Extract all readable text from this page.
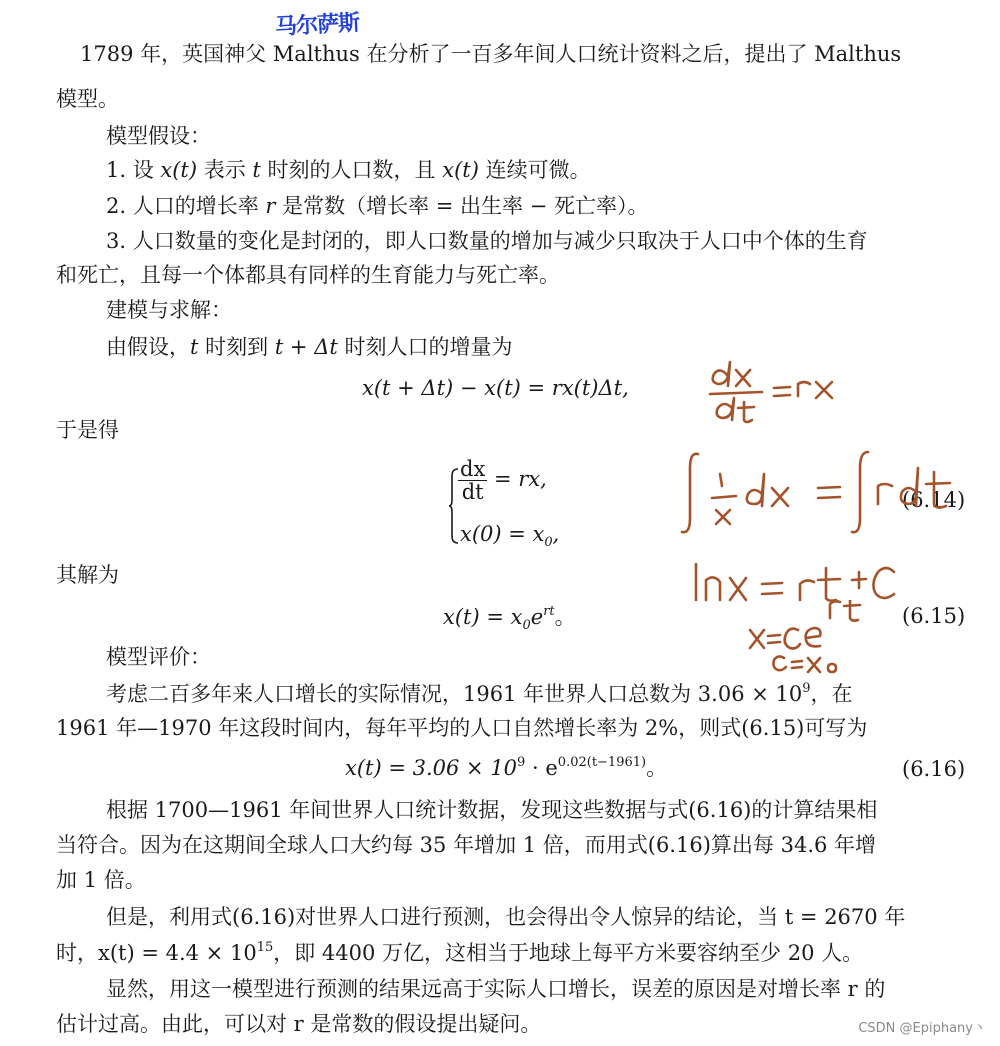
马尔萨斯
1789 年，英国神父 Malthus 在分析了一百多年间人口统计资料之后，提出了 Malthus
模型。
模型假设：
1. 设 x(t) 表示 t 时刻的人口数，且 x(t) 连续可微。
2. 人口的增长率 r 是常数（增长率 = 出生率 − 死亡率）。
3. 人口数量的变化是封闭的，即人口数量的增加与减少只取决于人口中个体的生育
和死亡，且每一个体都具有同样的生育能力与死亡率。
建模与求解：
由假设，t 时刻到 t + Δt 时刻人口的增量为
x(t + Δt) − x(t) = rx(t)Δt,
于是得
$\frac{dx}{dt}$ = rx,
$x(0) = x_0$,
(6.14)
其解为
$x(t) = x_0e^{rt}$。	(6.15)
模型评价：
考虑二百多年来人口增长的实际情况，1961 年世界人口总数为 $3.06 \times 10^9$，在
1961 年—1970 年这段时间内，每年平均的人口自然增长率为 2%，则式(6.15)可写为
$x(t) = 3.06 \times 10^9 \cdot e^{0.02(t-1961)}$。	(6.16)
根据 1700—1961 年间世界人口统计数据，发现这些数据与式(6.16)的计算结果相
当符合。因为在这期间全球人口大约每 35 年增加 1 倍，而用式(6.16)算出每 34.6 年增
加 1 倍。
但是，利用式(6.16)对世界人口进行预测，也会得出令人惊异的结论，当 t = 2670 年
时，$x(t) = 4.4 \times 10^{15}$，即 4400 万亿，这相当于地球上每平方米要容纳至少 20 人。
显然，用这一模型进行预测的结果远高于实际人口增长，误差的原因是对增长率 r 的
估计过高。由此，可以对 r 是常数的假设提出疑问。	CSDN @Epiphany丶
